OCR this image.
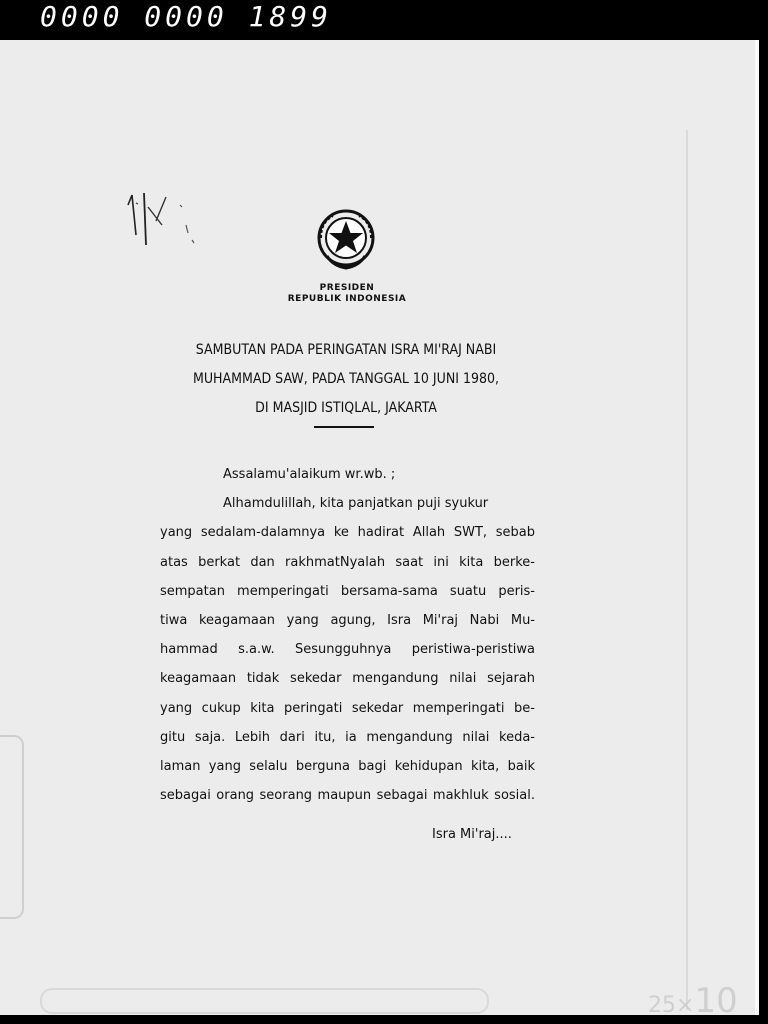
0000 0000 1899
25×10
PRESIDEN
REPUBLIK INDONESIA
SAMBUTAN PADA PERINGATAN ISRA MI'RAJ NABI
MUHAMMAD SAW, PADA TANGGAL 10 JUNI 1980,
DI MASJID ISTIQLAL, JAKARTA
Assalamu'alaikum wr.wb. ;
Alhamdulillah, kita panjatkan puji syukur
yang sedalam-dalamnya ke hadirat Allah SWT, sebab
atas berkat dan rakhmatNyalah saat ini kita berke-
sempatan memperingati bersama-sama suatu peris-
tiwa keagamaan yang agung, Isra Mi'raj Nabi Mu-
hammad s.a.w. Sesungguhnya peristiwa-peristiwa
keagamaan tidak sekedar mengandung nilai sejarah
yang cukup kita peringati sekedar memperingati be-
gitu saja. Lebih dari itu, ia mengandung nilai keda-
laman yang selalu berguna bagi kehidupan kita, baik
sebagai orang seorang maupun sebagai makhluk sosial.
Isra Mi'raj....
